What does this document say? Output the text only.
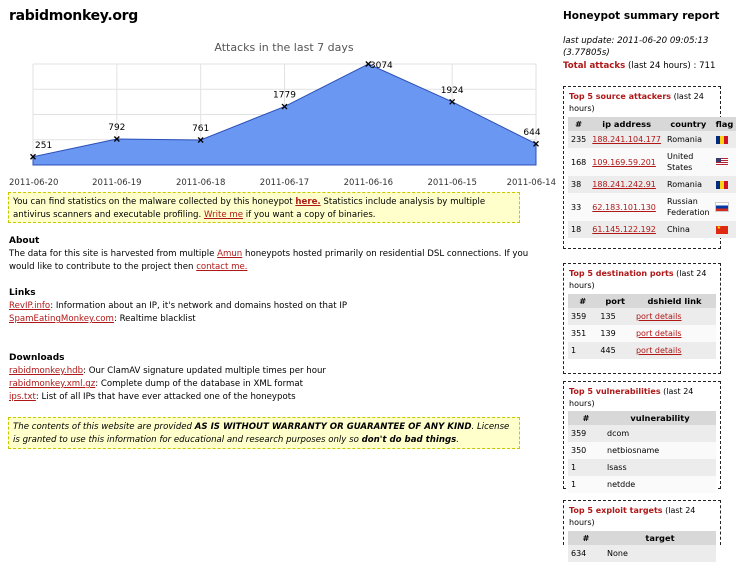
rabidmonkey.org
Attacks in the last 7 days
251
792	761
1779
3074
1924
644
2011-06-20	2011-06-19	2011-06-18	2011-06-17	2011-06-16	2011-06-15	2011-06-14
You can find statistics on the malware collected by this honeypot here. Statistics include analysis by multiple antivirus scanners and executable profiling. Write me if you want a copy of binaries.
About
The data for this site is harvested from multiple Amun honeypots hosted primarily on residential DSL connections. If you would like to contribute to the project then contact me.
Links
RevIP.info: Information about an IP, it's network and domains hosted on that IP
SpamEatingMonkey.com: Realtime blacklist
Downloads
rabidmonkey.hdb: Our ClamAV signature updated multiple times per hour
rabidmonkey.xml.gz: Complete dump of the database in XML format
ips.txt: List of all IPs that have ever attacked one of the honeypots
The contents of this website are provided AS IS WITHOUT WARRANTY OR GUARANTEE OF ANY KIND. License is granted to use this information for educational and research purposes only so don't do bad things.
Honeypot summary report
last update: 2011-06-20 09:05:13 (3.77805s)
Total attacks (last 24 hours) : 711
Top 5 source attackers (last 24 hours)
#	ip address	country	flag
235	188.241.104.177	Romania	
168	109.169.59.201	United States	
38	188.241.242.91	Romania	
33	62.183.101.130	Russian Federation	
18	61.145.122.192	China	★
Top 5 destination ports (last 24 hours)
#	port	dshield link
359	135	port details
351	139	port details
1	445	port details
Top 5 vulnerabilities (last 24 hours)
#	vulnerability
359	dcom
350	netbiosname
1	lsass
1	netdde
Top 5 exploit targets (last 24 hours)
#	target
634	None
